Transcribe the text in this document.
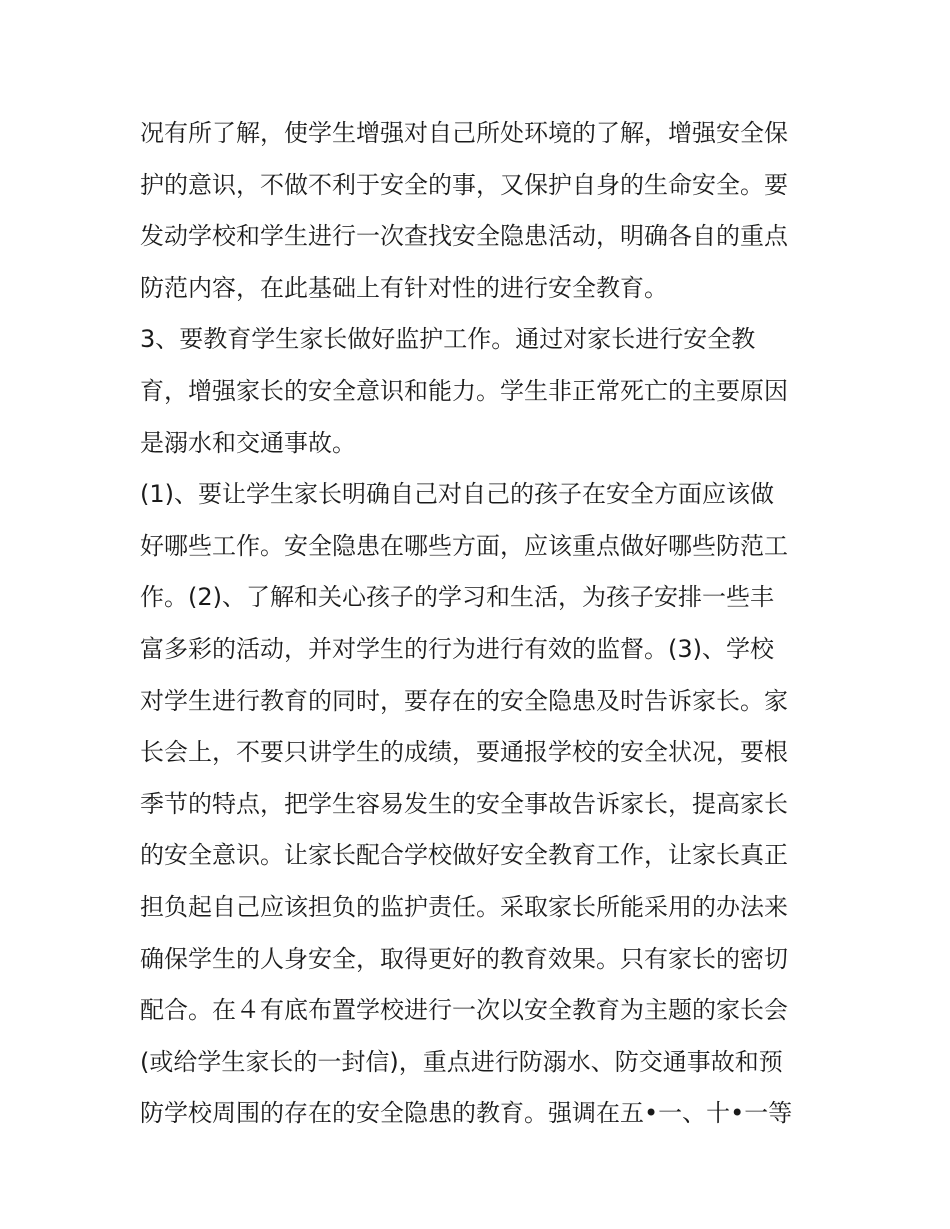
况有所了解，使学生增强对自己所处环境的了解，增强安全保
护的意识，不做不利于安全的事，又保护自身的生命安全。要
发动学校和学生进行一次查找安全隐患活动，明确各自的重点
防范内容，在此基础上有针对性的进行安全教育。
3、要教育学生家长做好监护工作。通过对家长进行安全教
育，增强家长的安全意识和能力。学生非正常死亡的主要原因
是溺水和交通事故。
(1)、要让学生家长明确自己对自己的孩子在安全方面应该做
好哪些工作。安全隐患在哪些方面，应该重点做好哪些防范工
作。(2)、了解和关心孩子的学习和生活，为孩子安排一些丰
富多彩的活动，并对学生的行为进行有效的监督。(3)、学校
对学生进行教育的同时，要存在的安全隐患及时告诉家长。家
长会上，不要只讲学生的成绩，要通报学校的安全状况，要根
季节的特点，把学生容易发生的安全事故告诉家长，提高家长
的安全意识。让家长配合学校做好安全教育工作，让家长真正
担负起自己应该担负的监护责任。采取家长所能采用的办法来
确保学生的人身安全，取得更好的教育效果。只有家长的密切
配合。在４有底布置学校进行一次以安全教育为主题的家长会
(或给学生家长的一封信)，重点进行防溺水、防交通事故和预
防学校周围的存在的安全隐患的教育。强调在五•一、十•一等
